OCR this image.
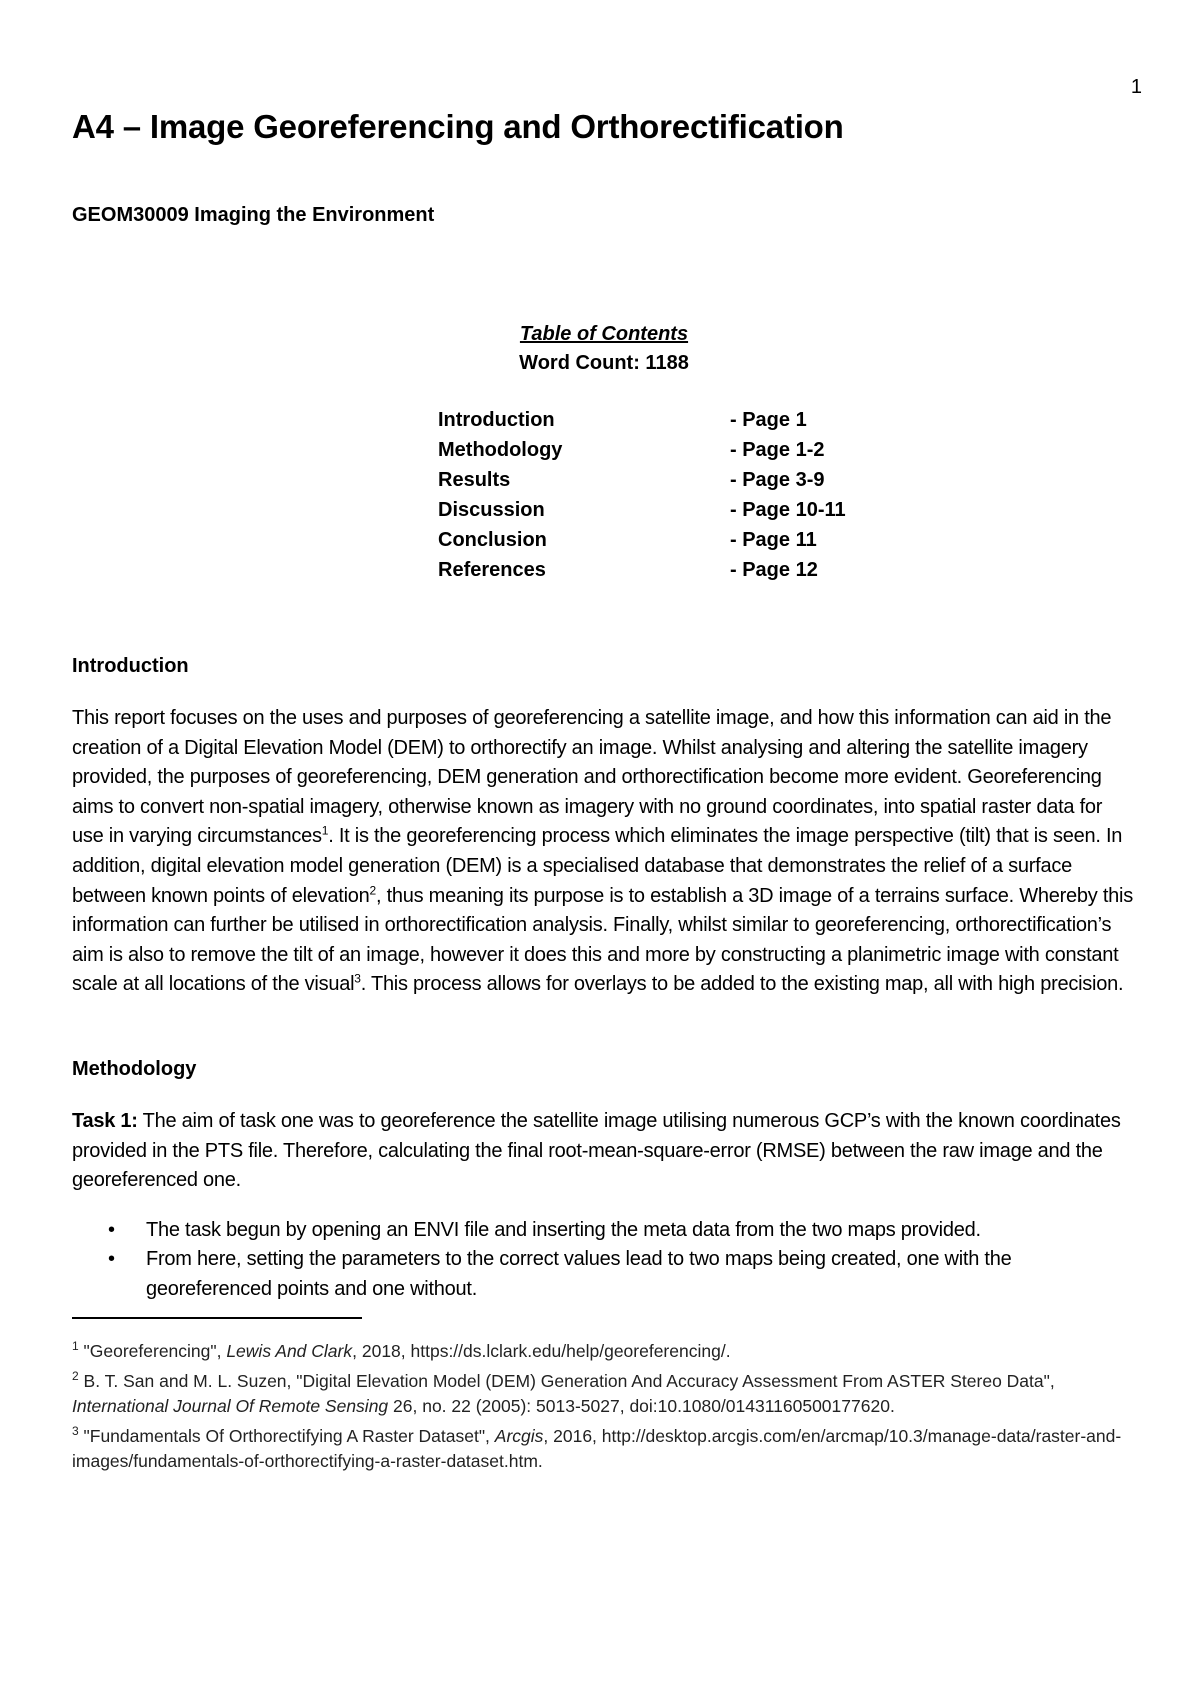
1
A4 – Image Georeferencing and Orthorectification
GEOM30009 Imaging the Environment
Table of Contents
Word Count: 1188
Introduction	- Page 1
Methodology	- Page 1-2
Results	- Page 3-9
Discussion	- Page 10-11
Conclusion	- Page 11
References	- Page 12
Introduction

This report focuses on the uses and purposes of georeferencing a satellite image, and how this information can aid in the creation of a Digital Elevation Model (DEM) to orthorectify an image. Whilst analysing and altering the satellite imagery provided, the purposes of georeferencing, DEM generation and orthorectification become more evident. Georeferencing aims to convert non-spatial imagery, otherwise known as imagery with no ground coordinates, into spatial raster data for use in varying circumstances$^1$. It is the georeferencing process which eliminates the image perspective (tilt) that is seen. In addition, digital elevation model generation (DEM) is a specialised database that demonstrates the relief of a surface between known points of elevation$^2$, thus meaning its purpose is to establish a 3D image of a terrains surface. Whereby this information can further be utilised in orthorectification analysis. Finally, whilst similar to georeferencing, orthorectification’s aim is also to remove the tilt of an image, however it does this and more by constructing a planimetric image with constant scale at all locations of the visual$^3$. This process allows for overlays to be added to the existing map, all with high precision.

Methodology

Task 1: The aim of task one was to georeference the satellite image utilising numerous GCP’s with the known coordinates provided in the PTS file. Therefore, calculating the final root-mean-square-error (RMSE) between the raw image and the georeferenced one.

• The task begun by opening an ENVI file and inserting the meta data from the two maps provided.
• From here, setting the parameters to the correct values lead to two maps being created, one with the georeferenced points and one without.
$^1$ "Georeferencing", Lewis And Clark, 2018, https://ds.lclark.edu/help/georeferencing/.
$^2$ B. T. San and M. L. Suzen, "Digital Elevation Model (DEM) Generation And Accuracy Assessment From ASTER Stereo Data", International Journal Of Remote Sensing 26, no. 22 (2005): 5013-5027, doi:10.1080/01431160500177620.
$^3$ "Fundamentals Of Orthorectifying A Raster Dataset", Arcgis, 2016, http://desktop.arcgis.com/en/arcmap/10.3/manage-data/raster-and-images/fundamentals-of-orthorectifying-a-raster-dataset.htm.
